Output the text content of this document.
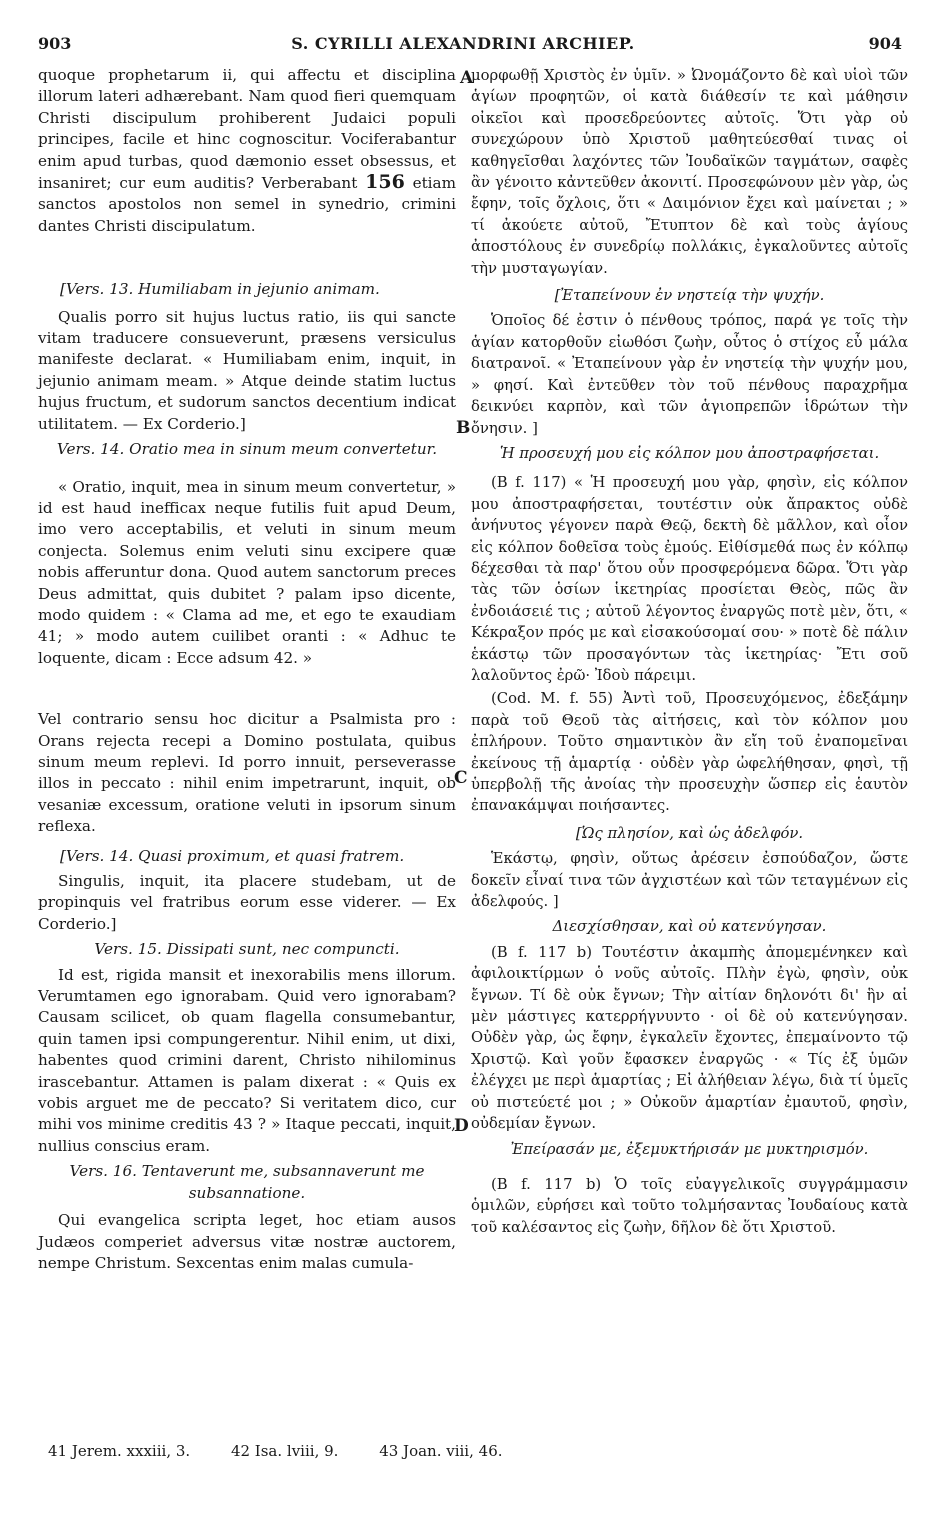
903	S. CYRILLI ALEXANDRINI ARCHIEP.	904
A
B
C
D

quoque prophetarum ii, qui affectu et disciplina illorum lateri adhærebant. Nam quod fieri quemquam Christi discipulum prohiberent Judaici populi principes, facile et hinc cognoscitur. Vociferabantur enim apud turbas, quod dæmonio esset obsessus, et insaniret; cur eum auditis? Verberabant 156 etiam sanctos apostolos non semel in synedrio, crimini dantes Christi discipulatum.

[Vers. 13. Humiliabam in jejunio animam.

Qualis porro sit hujus luctus ratio, iis qui sancte vitam traducere consueverunt, præsens versiculus manifeste declarat. « Humiliabam enim, inquit, in jejunio animam meam. » Atque deinde statim luctus hujus fructum, et sudorum sanctos decentium indicat utilitatem. — Ex Corderio.]

Vers. 14. Oratio mea in sinum meum convertetur.

« Oratio, inquit, mea in sinum meum convertetur, » id est haud inefficax neque futilis fuit apud Deum, imo vero acceptabilis, et veluti in sinum meum conjecta. Solemus enim veluti sinu excipere quæ nobis afferuntur dona. Quod autem sanctorum preces Deus admittat, quis dubitet ? palam ipso dicente, modo quidem : « Clama ad me, et ego te exaudiam 41; » modo autem cuilibet oranti : « Adhuc te loquente, dicam : Ecce adsum 42. »

Vel contrario sensu hoc dicitur a Psalmista pro : Orans rejecta recepi a Domino postulata, quibus sinum meum replevi. Id porro innuit, perseverasse illos in peccato : nihil enim impetrarunt, inquit, ob vesaniæ excessum, oratione veluti in ipsorum sinum reflexa.

[Vers. 14. Quasi proximum, et quasi fratrem.

Singulis, inquit, ita placere studebam, ut de propinquis vel fratribus eorum esse viderer. — Ex Corderio.]

Vers. 15. Dissipati sunt, nec compuncti.

Id est, rigida mansit et inexorabilis mens illorum. Verumtamen ego ignorabam. Quid vero ignorabam? Causam scilicet, ob quam flagella consumebantur, quin tamen ipsi compungerentur. Nihil enim, ut dixi, habentes quod crimini darent, Christo nihilominus irascebantur. Attamen is palam dixerat : « Quis ex vobis arguet me de peccato? Si veritatem dico, cur mihi vos minime creditis 43 ? » Itaque peccati, inquit, nullius conscius eram.

Vers. 16. Tentaverunt me, subsannaverunt me subsannatione.

Qui evangelica scripta leget, hoc etiam ausos Judæos comperiet adversus vitæ nostræ auctorem, nempe Christum. Sexcentas enim malas cumula-

μορφωθῇ Χριστὸς ἐν ὑμῖν. » Ὠνομάζοντο δὲ καὶ υἱοὶ τῶν ἁγίων προφητῶν, οἱ κατὰ διάθεσίν τε καὶ μάθησιν οἰκεῖοι καὶ προσεδρεύοντες αὐτοῖς. Ὅτι γὰρ οὐ συνεχώρουν ὑπὸ Χριστοῦ μαθητεύεσθαί τινας οἱ καθηγεῖσθαι λαχόντες τῶν Ἰουδαϊκῶν ταγμάτων, σαφὲς ἂν γένοιτο κἀντεῦθεν ἀκονιτί. Προσεφώνουν μὲν γὰρ, ὡς ἔφην, τοῖς ὄχλοις, ὅτι « Δαιμόνιον ἔχει καὶ μαίνεται ; » τί ἀκούετε αὐτοῦ, Ἔτυπτον δὲ καὶ τοὺς ἁγίους ἀποστόλους ἐν συνεδρίῳ πολλάκις, ἐγκαλοῦντες αὐτοῖς τὴν μυσταγωγίαν.

[Ἐταπείνουν ἐν νηστείᾳ τὴν ψυχήν.

Ὁποῖος δέ ἐστιν ὁ πένθους τρόπος, παρά γε τοῖς τὴν ἁγίαν κατορθοῦν εἰωθόσι ζωὴν, οὗτος ὁ στίχος εὖ μάλα διατρανοῖ. « Ἐταπείνουν γὰρ ἐν νηστείᾳ τὴν ψυχήν μου, » φησί. Καὶ ἐντεῦθεν τὸν τοῦ πένθους παραχρῆμα δεικνύει καρπὸν, καὶ τῶν ἁγιοπρεπῶν ἱδρώτων τὴν ὄνησιν. ]

Ἡ προσευχή μου εἰς κόλπον μου ἀποστραφήσεται.

(B f. 117) « Ἡ προσευχή μου γὰρ, φησὶν, εἰς κόλπον μου ἀποστραφήσεται, τουτέστιν οὐκ ἄπρακτος οὐδὲ ἀνήνυτος γέγονεν παρὰ Θεῷ, δεκτὴ δὲ μᾶλλον, καὶ οἷον εἰς κόλπον δοθεῖσα τοὺς ἐμούς. Εἰθίσμεθά πως ἐν κόλπῳ δέχεσθαι τὰ παρ' ὅτου οὖν προσφερόμενα δῶρα. Ὅτι γὰρ τὰς τῶν ὁσίων ἱκετηρίας προσίεται Θεὸς, πῶς ἂν ἐνδοιάσειέ τις ; αὐτοῦ λέγοντος ἐναργῶς ποτὲ μὲν, ὅτι, « Κέκραξον πρός με καὶ εἰσακούσομαί σου· » ποτὲ δὲ πάλιν ἑκάστῳ τῶν προσαγόντων τὰς ἱκετηρίας· Ἔτι σοῦ λαλοῦντος ἐρῶ· Ἰδοὺ πάρειμι.

(Cod. M. f. 55) Ἀντὶ τοῦ, Προσευχόμενος, ἐδεξάμην παρὰ τοῦ Θεοῦ τὰς αἰτήσεις, καὶ τὸν κόλπον μου ἐπλήρουν. Τοῦτο σημαντικὸν ἂν εἴη τοῦ ἐναπομεῖναι ἐκείνους τῇ ἁμαρτίᾳ · οὐδὲν γὰρ ὠφελήθησαν, φησὶ, τῇ ὑπερβολῇ τῆς ἀνοίας τὴν προσευχὴν ὥσπερ εἰς ἑαυτὸν ἐπανακάμψαι ποιήσαντες.

[Ὡς πλησίον, καὶ ὡς ἀδελφόν.

Ἑκάστῳ, φησὶν, οὕτως ἀρέσειν ἐσπούδαζον, ὥστε δοκεῖν εἶναί τινα τῶν ἀγχιστέων καὶ τῶν τεταγμένων εἰς ἀδελφούς. ]

Διεσχίσθησαν, καὶ οὐ κατενύγησαν.

(B f. 117 b) Τουτέστιν ἀκαμπὴς ἀπομεμένηκεν καὶ ἀφιλοικτίρμων ὁ νοῦς αὐτοῖς. Πλὴν ἐγὼ, φησὶν, οὐκ ἔγνων. Τί δὲ οὐκ ἔγνων; Τὴν αἰτίαν δηλονότι δι' ἣν αἱ μὲν μάστιγες κατερρήγνυντο · οἱ δὲ οὐ κατενύγησαν. Οὐδὲν γὰρ, ὡς ἔφην, ἐγκαλεῖν ἔχοντες, ἐπεμαίνοντο τῷ Χριστῷ. Καὶ γοῦν ἔφασκεν ἐναργῶς · « Τίς ἐξ ὑμῶν ἐλέγχει με περὶ ἁμαρτίας ; Εἰ ἀλήθειαν λέγω, διὰ τί ὑμεῖς οὐ πιστεύετέ μοι ; » Οὐκοῦν ἁμαρτίαν ἐμαυτοῦ, φησὶν, οὐδεμίαν ἔγνων.

Ἐπείρασάν με, ἐξεμυκτήρισάν με μυκτηρισμόν.

(B f. 117 b) Ὁ τοῖς εὐαγγελικοῖς συγγράμμασιν ὁμιλῶν, εὑρήσει καὶ τοῦτο τολμήσαντας Ἰουδαίους κατὰ τοῦ καλέσαντος εἰς ζωὴν, δῆλον δὲ ὅτι Χριστοῦ.

41 Jerem. xxxiii, 3.	42 Isa. lviii, 9.	43 Joan. viii, 46.
